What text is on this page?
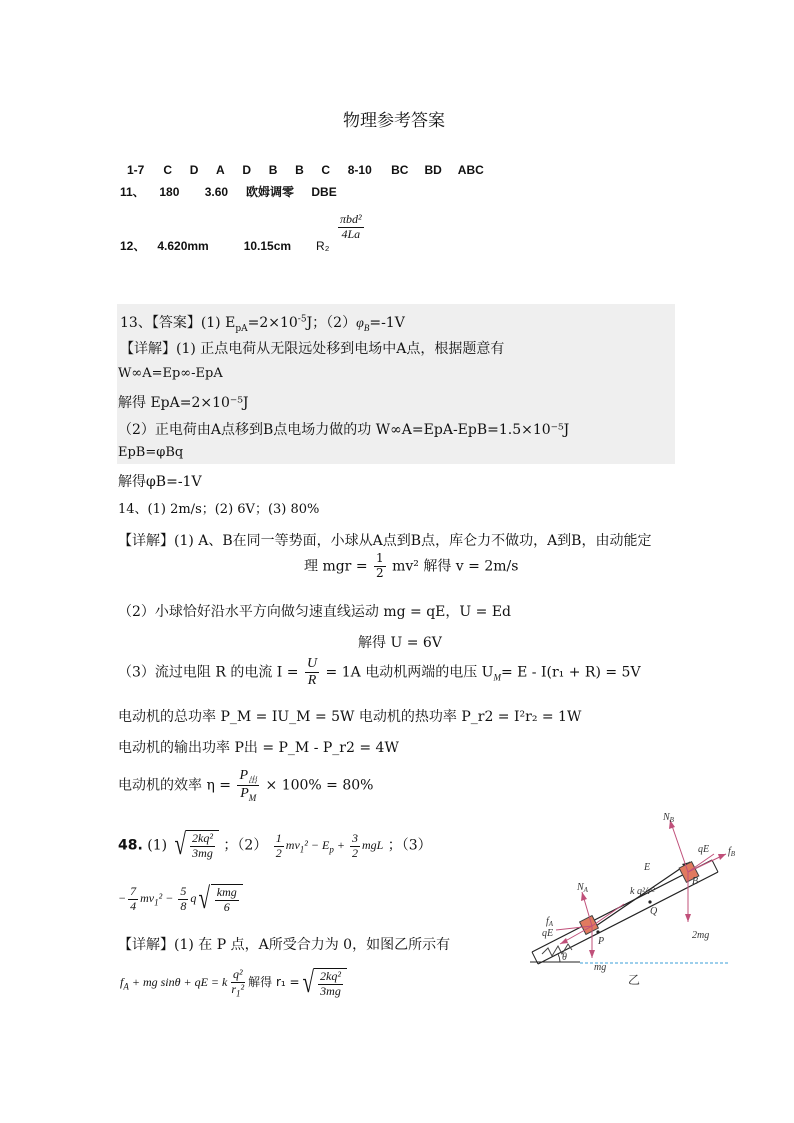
物理参考答案
1-7 C D A D B B C 8-10 BC BD ABC
11、 180 3.60 欧姆调零 DBE
12、 4.620mm	10.15cm R₂
$\frac{\text{πbd²}}{4La}$
13、【答案】(1) $E_{pA}=2\times 10^{-5}J$；$(2)\varphi_B=-1V$
【详解】(1) 正点电荷从无限远处移到电场中A点，根据题意有
W∞A=Ep∞-EpA
解得 EpA=2×10⁻⁵J
（2）正电荷由A点移到B点电场力做的功 W∞A=EpA-EpB=1.5×10⁻⁵J
EpB=φBq
解得φB=-1V
14、(1) 2m/s；(2) 6V；(3) 80%
【详解】(1) A、B在同一等势面，小球从A点到B点，库仑力不做功，A到B，由动能定
理 mgr = $\frac{1}{2} mv^2$ 解得 v = 2m/s
（2）小球恰好沿水平方向做匀速直线运动 mg = qE，U = Ed
解得 U = 6V
（3）流过电阻 R 的电流 $I = \frac{U}{R} = 1A$ 电动机两端的电压 $U_M= E - I(r_1 + R) = 5V$
电动机的总功率 P_M = IU_M = 5W 电动机的热功率 P_r2 = I²r₂ = 1W
电动机的输出功率 P出 = P_M - P_r2 = 4W
电动机的效率 $\eta = \frac{P_出}{P_M} \times 100\% = 80\%$
48. (1) √ $\frac{\text{2kq²}}{3mg}$ ；$(2) \frac{1}{2} mv_1^2 - E_p + \frac{3}{2}$ mgL ；（3）
− $\frac{7}{4} mv_1^2 - \frac{5}{8}$ q √ $\frac{\text{kmg}}{6}$
【详解】(1) 在 P 点，A所受合力为 0，如图乙所示有
$f_A$ + mg sinθ + qE = k $\frac{\text{q²}}{r_1^2}$ 解得 r₁ = √ $\frac{\text{2kq²}}{3mg}$
$N_B$
qE $f_B$
E
$N_A$	k q²/r²
B
Q
P
qE
$f_A$
θ
mg
2mg
乙
